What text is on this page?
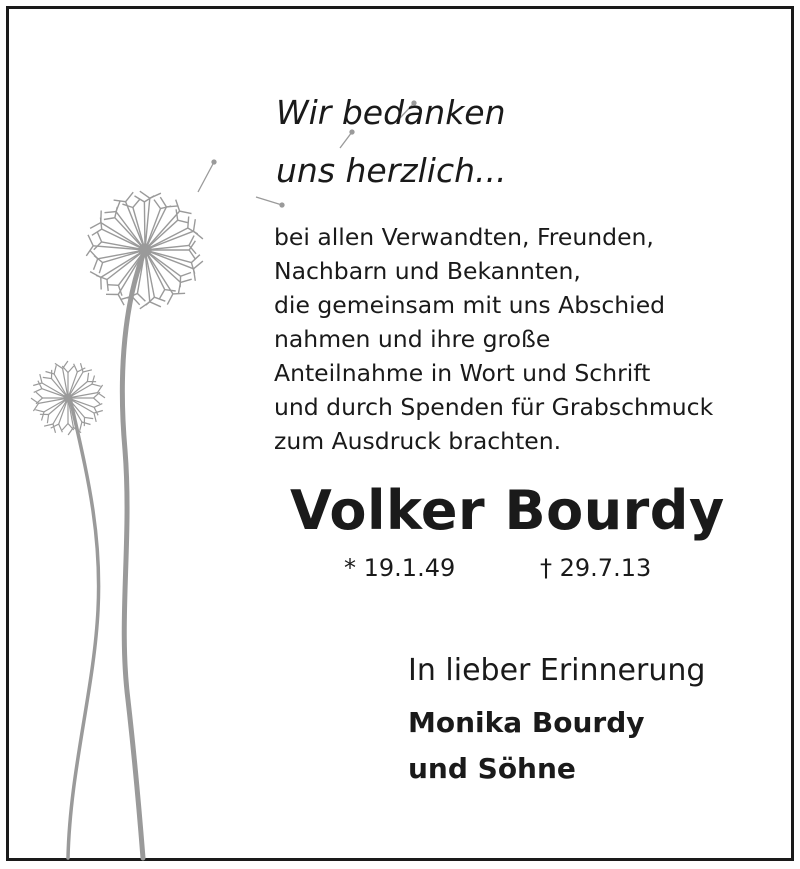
Wir bedanken
uns herzlich...
bei allen Verwandten, Freunden,
Nachbarn und Bekannten,
die gemeinsam mit uns Abschied
nahmen und ihre große
Anteilnahme in Wort und Schrift
und durch Spenden für Grabschmuck
zum Ausdruck brachten.
Volker Bourdy
* 19.1.49	† 29.7.13
In lieber Erinnerung
Monika Bourdy
und Söhne
